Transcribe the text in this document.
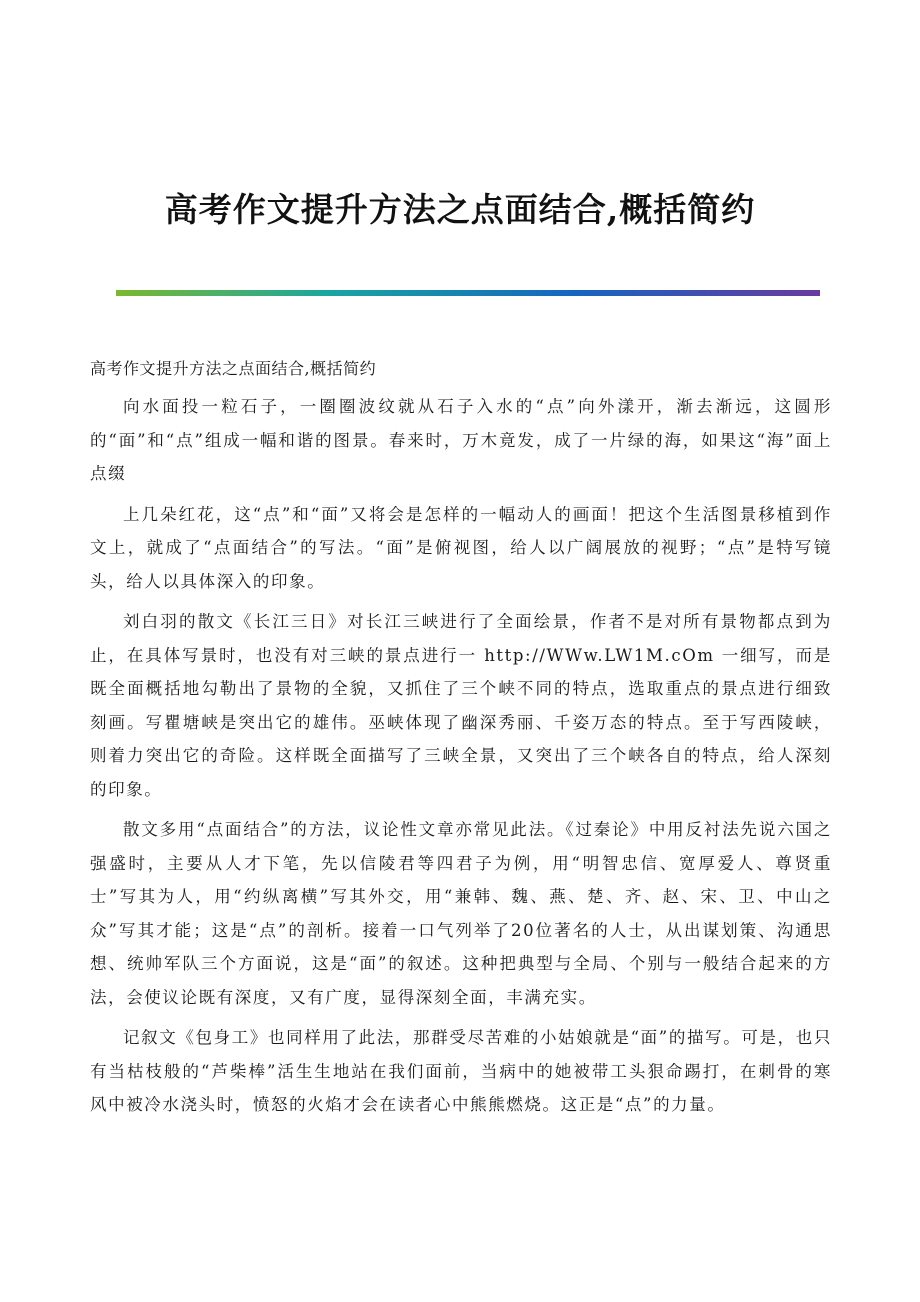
高考作文提升方法之点面结合,概括简约

高考作文提升方法之点面结合,概括简约

向水面投一粒石子，一圈圈波纹就从石子入水的“点”向外漾开，渐去渐远，这圆形的“面”和“点”组成一幅和谐的图景。春来时，万木竟发，成了一片绿的海，如果这“海”面上点缀

上几朵红花，这“点”和“面”又将会是怎样的一幅动人的画面！把这个生活图景移植到作文上，就成了“点面结合”的写法。“面”是俯视图，给人以广阔展放的视野；“点”是特写镜头，给人以具体深入的印象。

刘白羽的散文《长江三日》对长江三峡进行了全面绘景，作者不是对所有景物都点到为止，在具体写景时，也没有对三峡的景点进行一 http://WWw.LW1M.cOm 一细写，而是既全面概括地勾勒出了景物的全貌，又抓住了三个峡不同的特点，选取重点的景点进行细致刻画。写瞿塘峡是突出它的雄伟。巫峡体现了幽深秀丽、千姿万态的特点。至于写西陵峡，则着力突出它的奇险。这样既全面描写了三峡全景，又突出了三个峡各自的特点，给人深刻的印象。

散文多用“点面结合”的方法，议论性文章亦常见此法。《过秦论》中用反衬法先说六国之强盛时，主要从人才下笔，先以信陵君等四君子为例，用“明智忠信、宽厚爱人、尊贤重士”写其为人，用“约纵离横”写其外交，用“兼韩、魏、燕、楚、齐、赵、宋、卫、中山之众”写其才能；这是“点”的剖析。接着一口气列举了20位著名的人士，从出谋划策、沟通思想、统帅军队三个方面说，这是“面”的叙述。这种把典型与全局、个别与一般结合起来的方法，会使议论既有深度，又有广度，显得深刻全面，丰满充实。

记叙文《包身工》也同样用了此法，那群受尽苦难的小姑娘就是“面”的描写。可是，也只有当枯枝般的“芦柴棒”活生生地站在我们面前，当病中的她被带工头狠命踢打，在刺骨的寒风中被冷水浇头时，愤怒的火焰才会在读者心中熊熊燃烧。这正是“点”的力量。
